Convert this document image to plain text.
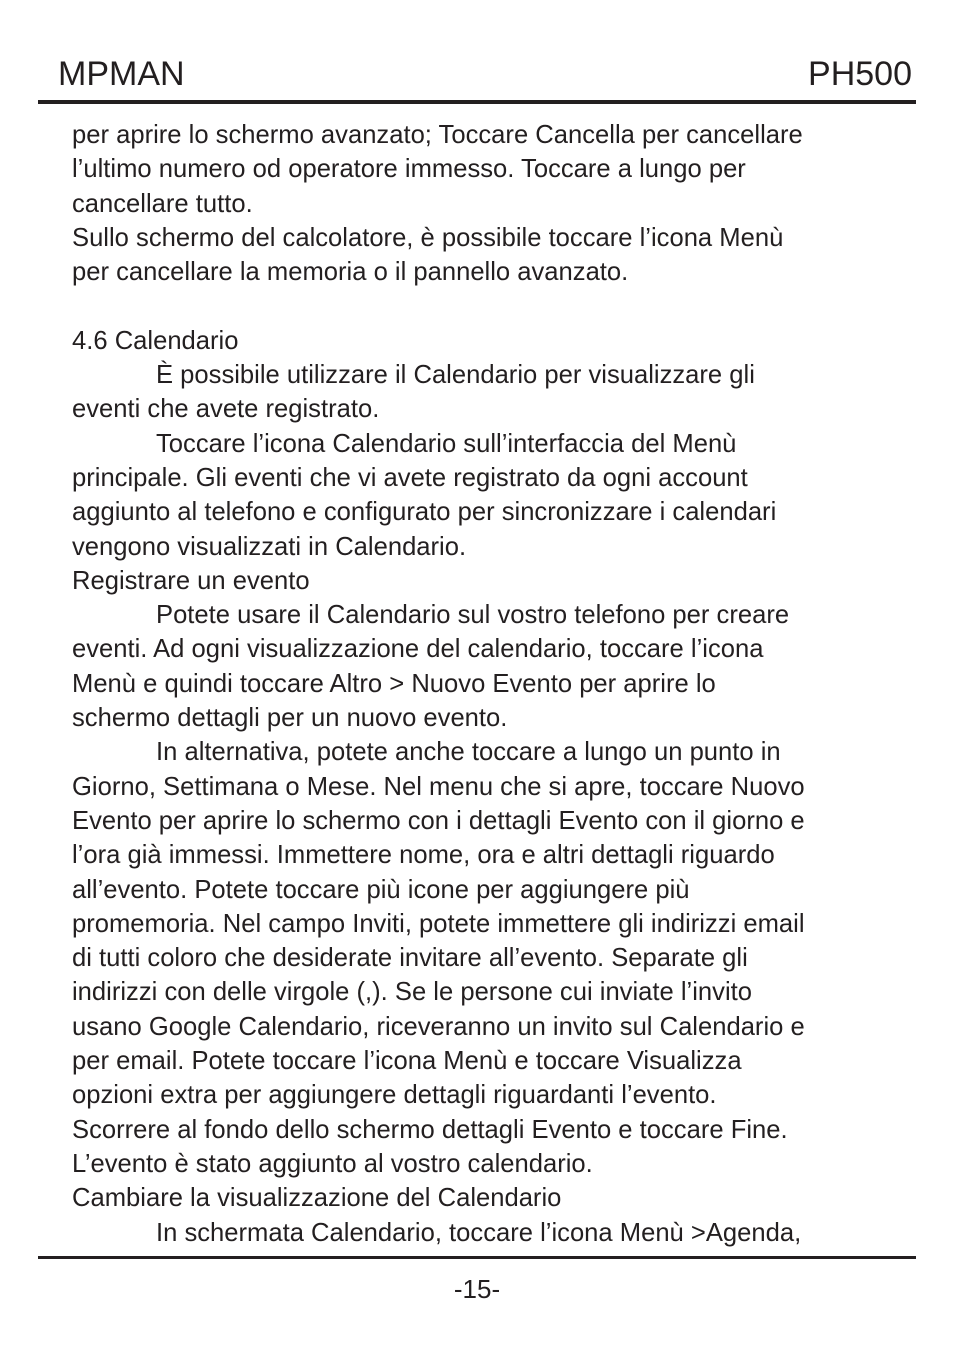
MPMAN	PH500

per aprire lo schermo avanzato; Toccare Cancella per cancellare

l’ultimo numero od operatore immesso. Toccare a lungo per

cancellare tutto.

Sullo schermo del calcolatore, è possibile toccare l’icona Menù

per cancellare la memoria o il pannello avanzato.

4.6 Calendario

È possibile utilizzare il Calendario per visualizzare gli

eventi che avete registrato.

Toccare l’icona Calendario sull’interfaccia del Menù

principale. Gli eventi che vi avete registrato da ogni account

aggiunto al telefono e configurato per sincronizzare i calendari

vengono visualizzati in Calendario.

Registrare un evento

Potete usare il Calendario sul vostro telefono per creare

eventi. Ad ogni visualizzazione del calendario, toccare l’icona

Menù e quindi toccare Altro > Nuovo Evento per aprire lo

schermo dettagli per un nuovo evento.

In alternativa, potete anche toccare a lungo un punto in

Giorno, Settimana o Mese. Nel menu che si apre, toccare Nuovo

Evento per aprire lo schermo con i dettagli Evento con il giorno e

l’ora già immessi. Immettere nome, ora e altri dettagli riguardo

all’evento. Potete toccare più icone per aggiungere più

promemoria. Nel campo Inviti, potete immettere gli indirizzi email

di tutti coloro che desiderate invitare all’evento. Separate gli

indirizzi con delle virgole (,). Se le persone cui inviate l’invito

usano Google Calendario, riceveranno un invito sul Calendario e

per email. Potete toccare l’icona Menù e toccare Visualizza

opzioni extra per aggiungere dettagli riguardanti l’evento.

Scorrere al fondo dello schermo dettagli Evento e toccare Fine.

L’evento è stato aggiunto al vostro calendario.

Cambiare la visualizzazione del Calendario

In schermata Calendario, toccare l’icona Menù >Agenda,

-15-
